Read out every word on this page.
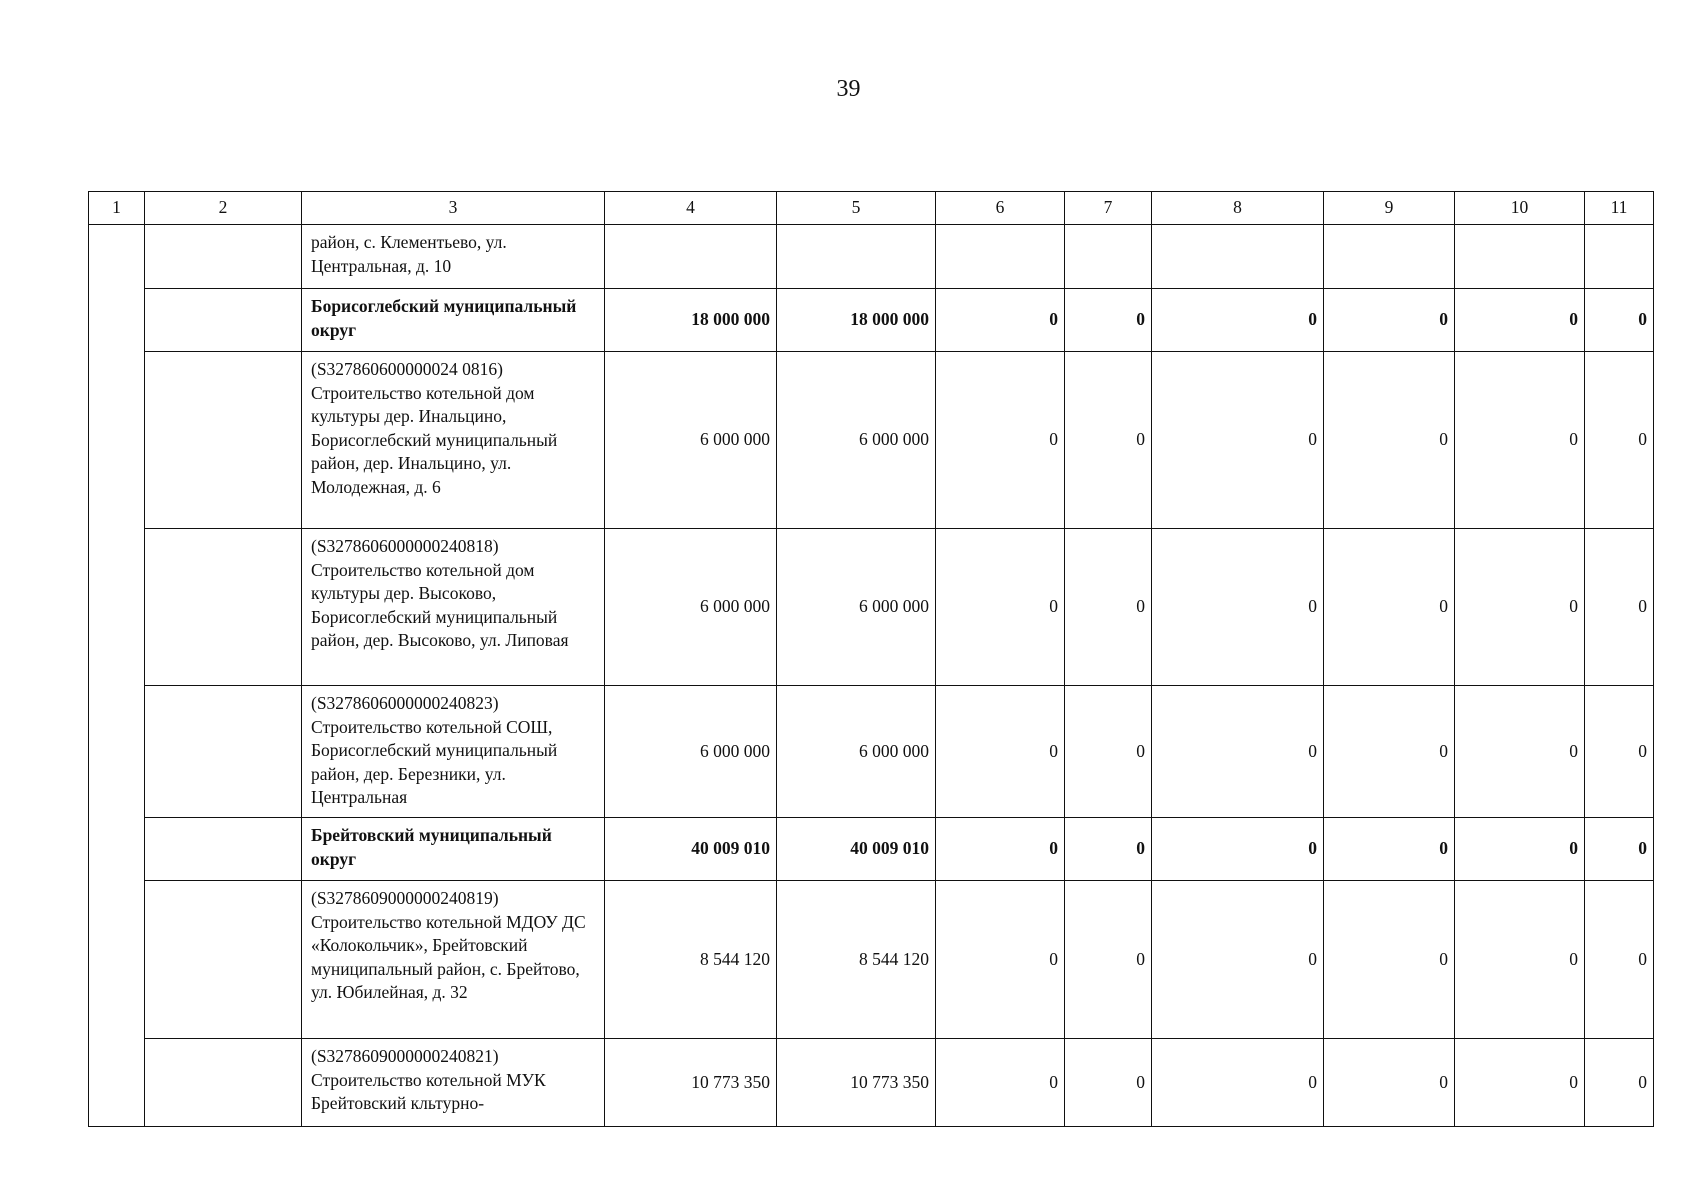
39
1	2	3	4	5	6	7	8	9	10	11
		район, с. Клементьево, ул. Центральная, д. 10								
		Борисоглебский муниципальный округ	18 000 000	18 000 000	0	0	0	0	0	0
		(S327860600000024 0816) Строительство котельной дом культуры дер. Инальцино, Борисоглебский муниципальный район, дер. Инальцино, ул. Молодежная, д. 6	6 000 000	6 000 000	0	0	0	0	0	0
		(S3278606000000240818) Строительство котельной дом культуры дер. Высоково, Борисоглебский муниципальный район, дер. Высоково, ул. Липовая	6 000 000	6 000 000	0	0	0	0	0	0
		(S3278606000000240823) Строительство котельной СОШ, Борисоглебский муниципальный район, дер. Березники, ул. Центральная	6 000 000	6 000 000	0	0	0	0	0	0
		Брейтовский муниципальный округ	40 009 010	40 009 010	0	0	0	0	0	0
		(S3278609000000240819) Строительство котельной МДОУ ДС «Колокольчик», Брейтовский муниципальный район, с. Брейтово, ул. Юбилейная, д. 32	8 544 120	8 544 120	0	0	0	0	0	0
		(S3278609000000240821) Строительство котельной МУК Брейтовский кльтурно-	10 773 350	10 773 350	0	0	0	0	0	0
